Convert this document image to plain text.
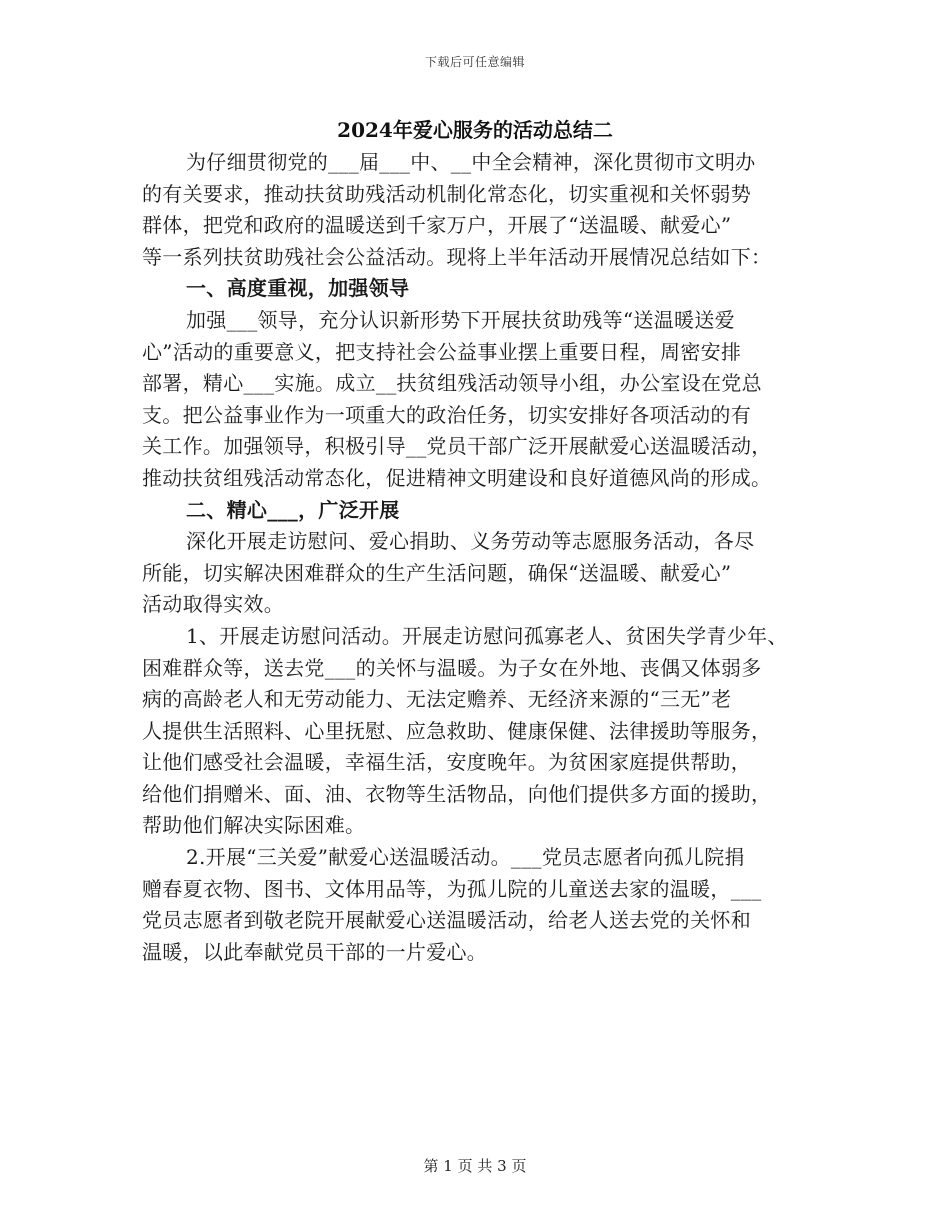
下载后可任意编辑
2024年爱心服务的活动总结二
为仔细贯彻党的___届___中、__中全会精神，深化贯彻市文明办
的有关要求，推动扶贫助残活动机制化常态化，切实重视和关怀弱势
群体，把党和政府的温暖送到千家万户，开展了“送温暖、献爱心”
等一系列扶贫助残社会公益活动。现将上半年活动开展情况总结如下：
一、高度重视，加强领导
加强___领导，充分认识新形势下开展扶贫助残等“送温暖送爱
心”活动的重要意义，把支持社会公益事业摆上重要日程，周密安排
部署，精心___实施。成立__扶贫组残活动领导小组，办公室设在党总
支。把公益事业作为一项重大的政治任务，切实安排好各项活动的有
关工作。加强领导，积极引导__党员干部广泛开展献爱心送温暖活动，
推动扶贫组残活动常态化，促进精神文明建设和良好道德风尚的形成。
二、精心___，广泛开展
深化开展走访慰问、爱心捐助、义务劳动等志愿服务活动，各尽
所能，切实解决困难群众的生产生活问题，确保“送温暖、献爱心”
活动取得实效。
1、开展走访慰问活动。开展走访慰问孤寡老人、贫困失学青少年、
困难群众等，送去党___的关怀与温暖。为子女在外地、丧偶又体弱多
病的高龄老人和无劳动能力、无法定赡养、无经济来源的“三无”老
人提供生活照料、心里抚慰、应急救助、健康保健、法律援助等服务，
让他们感受社会温暖，幸福生活，安度晚年。为贫困家庭提供帮助，
给他们捐赠米、面、油、衣物等生活物品，向他们提供多方面的援助，
帮助他们解决实际困难。
2.开展“三关爱”献爱心送温暖活动。___党员志愿者向孤儿院捐
赠春夏衣物、图书、文体用品等，为孤儿院的儿童送去家的温暖，___
党员志愿者到敬老院开展献爱心送温暖活动，给老人送去党的关怀和
温暖，以此奉献党员干部的一片爱心。
第 1 页 共 3 页
